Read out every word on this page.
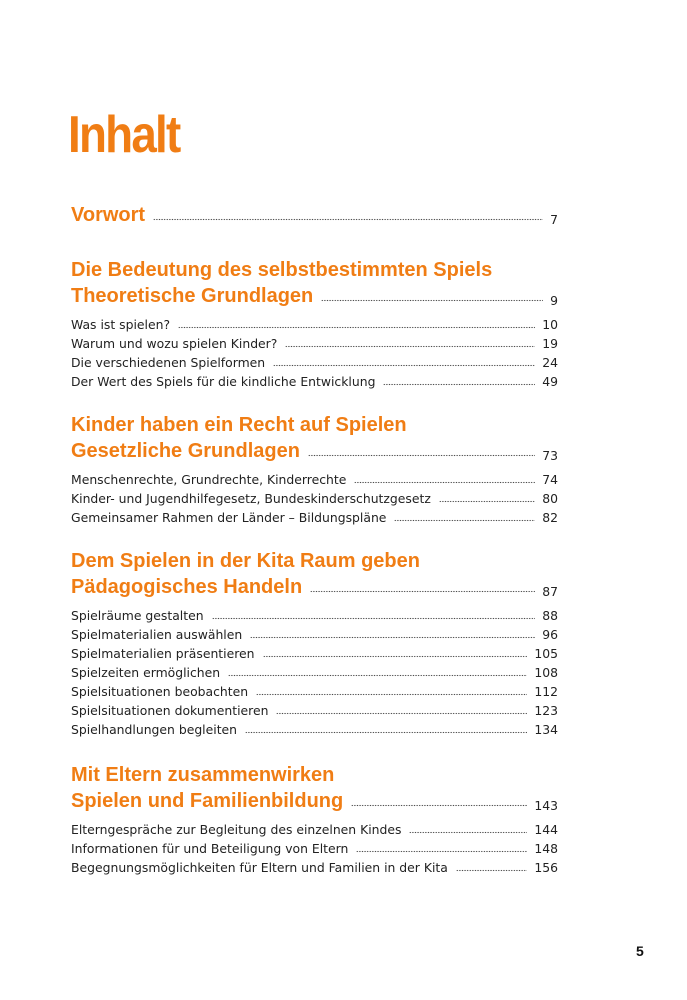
Inhalt
Vorwort	7
Die Bedeutung des selbstbestimmten Spiels
Theoretische Grundlagen	9
Was ist spielen?	10
Warum und wozu spielen Kinder?	19
Die verschiedenen Spielformen	24
Der Wert des Spiels für die kindliche Entwicklung	49
Kinder haben ein Recht auf Spielen
Gesetzliche Grundlagen	73
Menschenrechte, Grundrechte, Kinderrechte	74
Kinder- und Jugendhilfegesetz, Bundeskinderschutzgesetz	80
Gemeinsamer Rahmen der Länder – Bildungspläne	82
Dem Spielen in der Kita Raum geben
Pädagogisches Handeln	87
Spielräume gestalten	88
Spielmaterialien auswählen	96
Spielmaterialien präsentieren	105
Spielzeiten ermöglichen	108
Spielsituationen beobachten	112
Spielsituationen dokumentieren	123
Spielhandlungen begleiten	134
Mit Eltern zusammenwirken
Spielen und Familienbildung	143
Elterngespräche zur Begleitung des einzelnen Kindes	144
Informationen für und Beteiligung von Eltern	148
Begegnungsmöglichkeiten für Eltern und Familien in der Kita	156
5
